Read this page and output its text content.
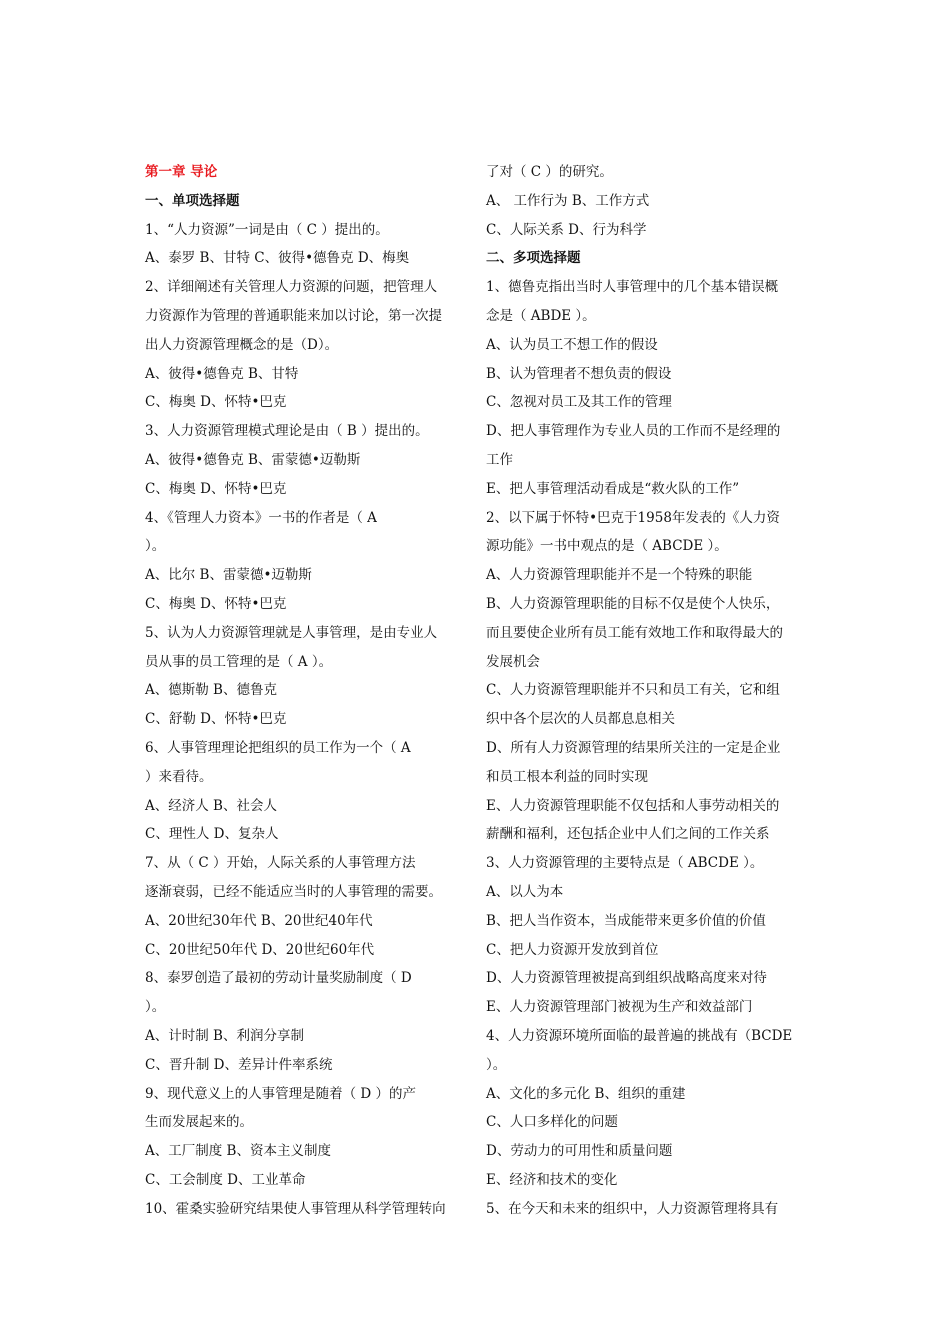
第一章 导论
一、单项选择题
1、“人力资源”一词是由（ C ）提出的。
A、泰罗 B、甘特 C、彼得•德鲁克 D、梅奥
2、详细阐述有关管理人力资源的问题，把管理人
力资源作为管理的普通职能来加以讨论，第一次提
出人力资源管理概念的是（D）。
A、彼得•德鲁克 B、甘特
C、梅奥 D、怀特•巴克
3、人力资源管理模式理论是由（ B ）提出的。
A、彼得•德鲁克 B、雷蒙德•迈勒斯
C、梅奥 D、怀特•巴克
4、《管理人力资本》一书的作者是（ A
）。
A、比尔 B、雷蒙德•迈勒斯
C、梅奥 D、怀特•巴克
5、认为人力资源管理就是人事管理，是由专业人
员从事的员工管理的是（ A ）。
A、德斯勒 B、德鲁克
C、舒勒 D、怀特•巴克
6、人事管理理论把组织的员工作为一个（ A
）来看待。
A、经济人 B、社会人
C、理性人 D、复杂人
7、从（ C ）开始，人际关系的人事管理方法
逐渐衰弱，已经不能适应当时的人事管理的需要。
A、20世纪30年代 B、20世纪40年代
C、20世纪50年代 D、20世纪60年代
8、泰罗创造了最初的劳动计量奖励制度（ D
）。
A、计时制 B、利润分享制
C、晋升制 D、差异计件率系统
9、现代意义上的人事管理是随着（ D ）的产
生而发展起来的。
A、工厂制度 B、资本主义制度
C、工会制度 D、工业革命
10、霍桑实验研究结果使人事管理从科学管理转向
了对（ C ）的研究。
A、 工作行为 B、工作方式
C、人际关系 D、行为科学
二、多项选择题
1、德鲁克指出当时人事管理中的几个基本错误概
念是（ ABDE ）。
A、认为员工不想工作的假设
B、认为管理者不想负责的假设
C、忽视对员工及其工作的管理
D、把人事管理作为专业人员的工作而不是经理的
工作
E、把人事管理活动看成是“救火队的工作”
2、以下属于怀特•巴克于1958年发表的《人力资
源功能》一书中观点的是（ ABCDE ）。
A、人力资源管理职能并不是一个特殊的职能
B、人力资源管理职能的目标不仅是使个人快乐，
而且要使企业所有员工能有效地工作和取得最大的
发展机会
C、人力资源管理职能并不只和员工有关，它和组
织中各个层次的人员都息息相关
D、所有人力资源管理的结果所关注的一定是企业
和员工根本利益的同时实现
E、人力资源管理职能不仅包括和人事劳动相关的
薪酬和福利，还包括企业中人们之间的工作关系
3、人力资源管理的主要特点是（ ABCDE ）。
A、以人为本
B、把人当作资本，当成能带来更多价值的价值
C、把人力资源开发放到首位
D、人力资源管理被提高到组织战略高度来对待
E、人力资源管理部门被视为生产和效益部门
4、人力资源环境所面临的最普遍的挑战有（BCDE
）。
A、文化的多元化 B、组织的重建
C、人口多样化的问题
D、劳动力的可用性和质量问题
E、经济和技术的变化
5、在今天和未来的组织中，人力资源管理将具有
